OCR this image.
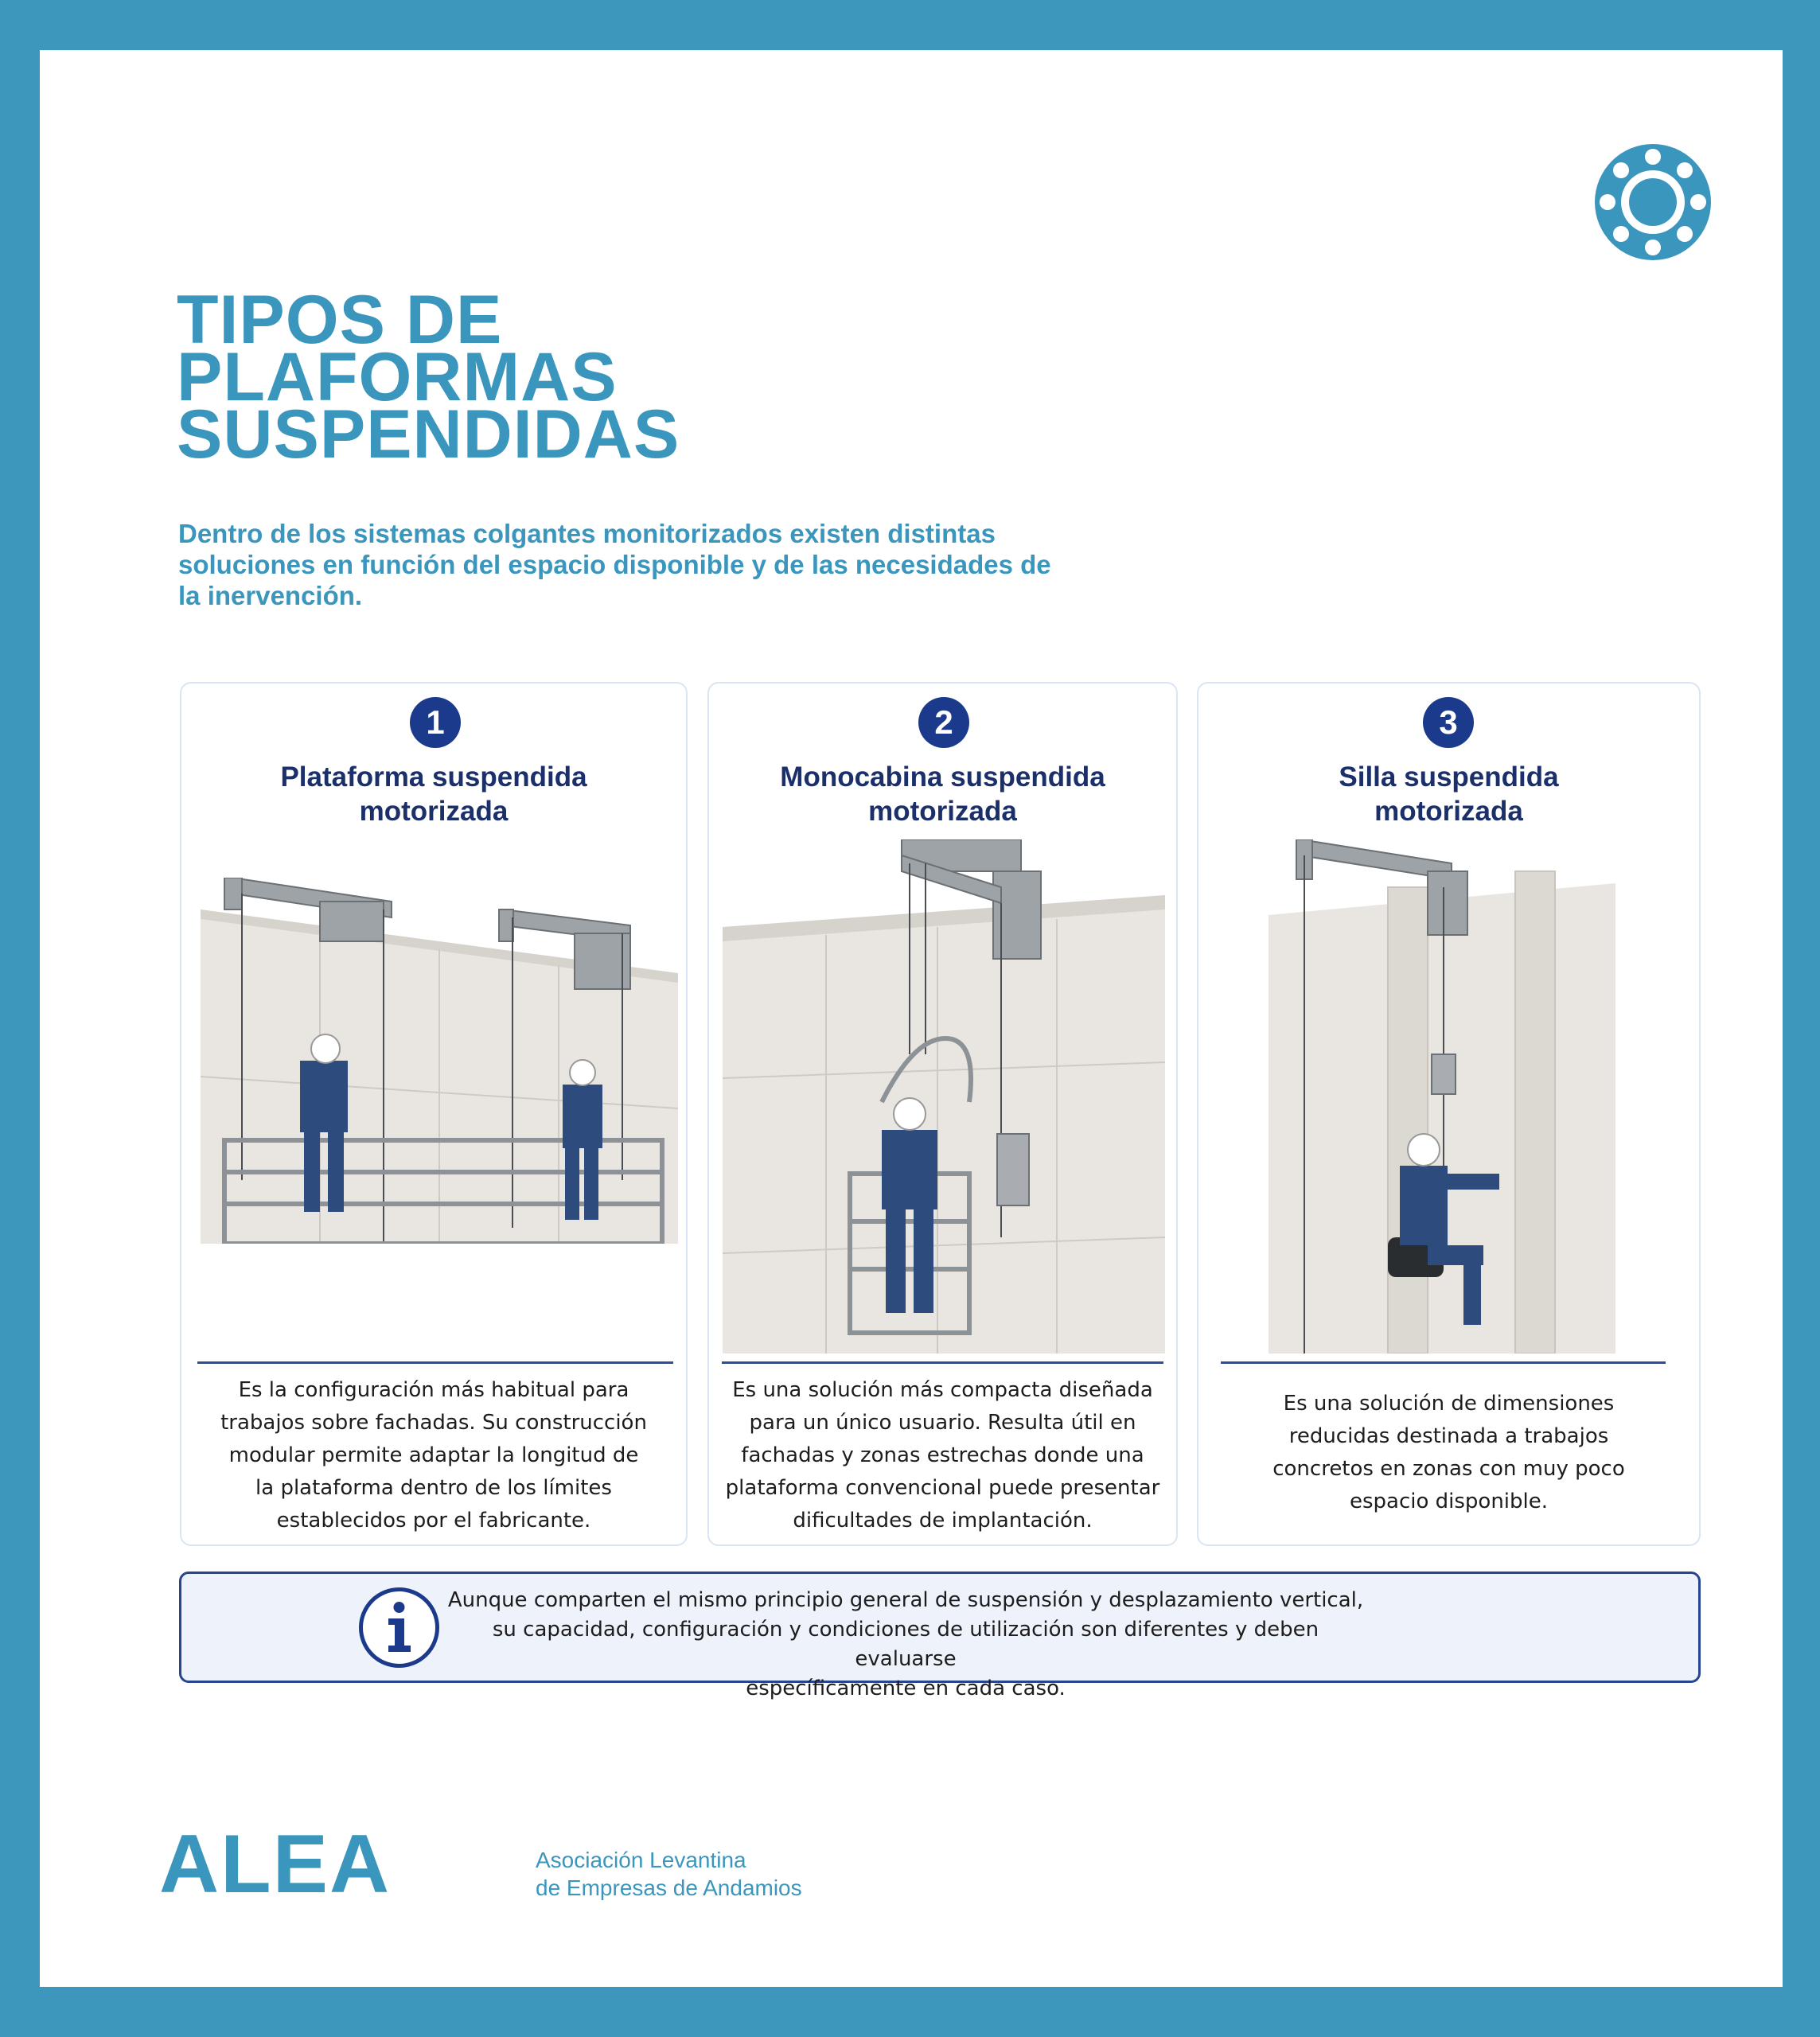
TIPOS DE
PLAFORMAS
SUSPENDIDAS

Dentro de los sistemas colgantes monitorizados existen distintas soluciones en función del espacio disponible y de las necesidades de la inervención.

1

Plataforma suspendida
motorizada

Es la configuración más habitual para
trabajos sobre fachadas. Su construcción
modular permite adaptar la longitud de
la plataforma dentro de los límites
establecidos por el fabricante.

2

Monocabina suspendida
motorizada

Es una solución más compacta diseñada
para un único usuario. Resulta útil en
fachadas y zonas estrechas donde una
plataforma convencional puede presentar
dificultades de implantación.

3

Silla suspendida
motorizada

Es una solución de dimensiones
reducidas destinada a trabajos
concretos en zonas con muy poco
espacio disponible.

Aunque comparten el mismo principio general de suspensión y desplazamiento vertical,
su capacidad, configuración y condiciones de utilización son diferentes y deben evaluarse
específicamente en cada caso.

ALEA	Asociación Levantina
de Empresas de Andamios
